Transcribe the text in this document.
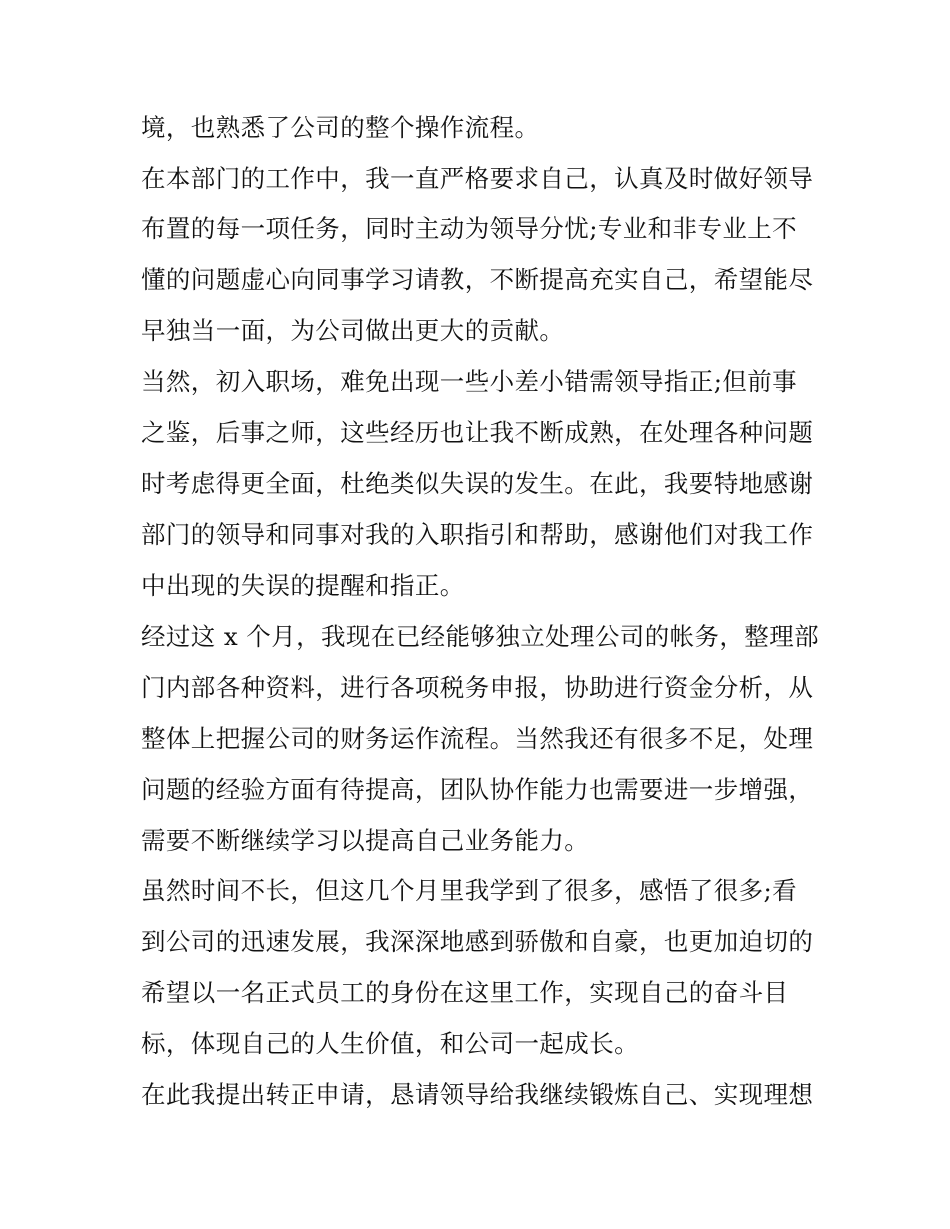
境，也熟悉了公司的整个操作流程。
在本部门的工作中，我一直严格要求自己，认真及时做好领导
布置的每一项任务，同时主动为领导分忧;专业和非专业上不
懂的问题虚心向同事学习请教，不断提高充实自己，希望能尽
早独当一面，为公司做出更大的贡献。
当然，初入职场，难免出现一些小差小错需领导指正;但前事
之鉴，后事之师，这些经历也让我不断成熟，在处理各种问题
时考虑得更全面，杜绝类似失误的发生。在此，我要特地感谢
部门的领导和同事对我的入职指引和帮助，感谢他们对我工作
中出现的失误的提醒和指正。
经过这 x 个月，我现在已经能够独立处理公司的帐务，整理部
门内部各种资料，进行各项税务申报，协助进行资金分析，从
整体上把握公司的财务运作流程。当然我还有很多不足，处理
问题的经验方面有待提高，团队协作能力也需要进一步增强，
需要不断继续学习以提高自己业务能力。
虽然时间不长，但这几个月里我学到了很多，感悟了很多;看
到公司的迅速发展，我深深地感到骄傲和自豪，也更加迫切的
希望以一名正式员工的身份在这里工作，实现自己的奋斗目
标，体现自己的人生价值，和公司一起成长。
在此我提出转正申请，恳请领导给我继续锻炼自己、实现理想
